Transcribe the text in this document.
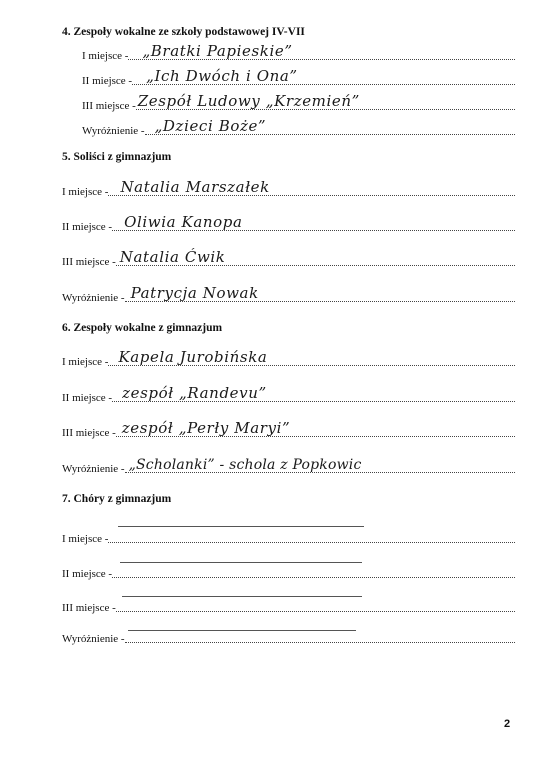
4. Zespoły wokalne ze szkoły podstawowej IV-VII
I miejsce - „Bratki Papieskie”
II miejsce - „Ich Dwóch i Ona”
III miejsce - Zespół Ludowy „Krzemień”
Wyróżnienie - „Dzieci Boże”
5. Soliści z gimnazjum
I miejsce - Natalia Marszałek
II miejsce - Oliwia Kanopa
III miejsce - Natalia Ćwik
Wyróżnienie - Patrycja Nowak
6. Zespoły wokalne z gimnazjum
I miejsce - Kapela Jurobińska
II miejsce - zespół „Randevu”
III miejsce - zespół „Perły Maryi”
Wyróżnienie - „Scholanki” - schola z Popkowic
7. Chóry z gimnazjum
I miejsce -
II miejsce -
III miejsce -
Wyróżnienie -
2
